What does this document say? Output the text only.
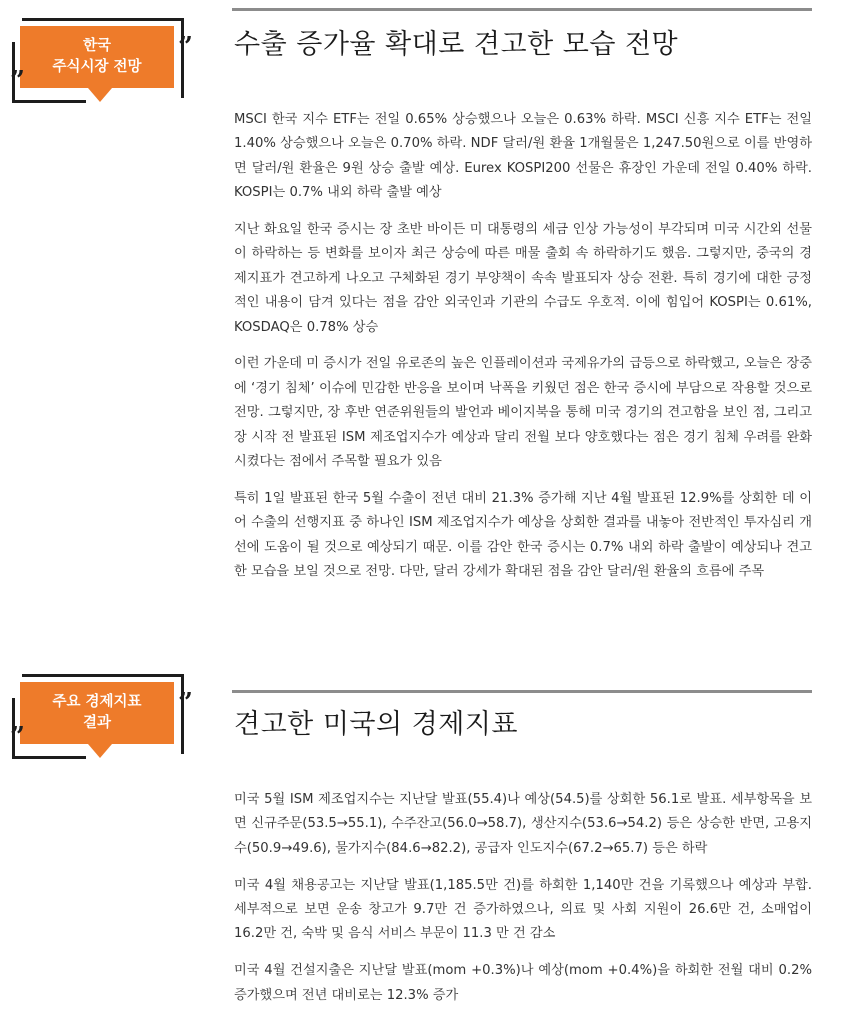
한국
주식시장 전망
”
”
수출 증가율 확대로 견고한 모습 전망

MSCI 한국 지수 ETF는 전일 0.65% 상승했으나 오늘은 0.63% 하락. MSCI 신흥 지수 ETF는 전일 1.40% 상승했으나 오늘은 0.70% 하락. NDF 달러/원 환율 1개월물은 1,247.50원으로 이를 반영하면 달러/원 환율은 9원 상승 출발 예상. Eurex KOSPI200 선물은 휴장인 가운데 전일 0.40% 하락. KOSPI는 0.7% 내외 하락 출발 예상

지난 화요일 한국 증시는 장 초반 바이든 미 대통령의 세금 인상 가능성이 부각되며 미국 시간외 선물이 하락하는 등 변화를 보이자 최근 상승에 따른 매물 출회 속 하락하기도 했음. 그렇지만, 중국의 경제지표가 견고하게 나오고 구체화된 경기 부양책이 속속 발표되자 상승 전환. 특히 경기에 대한 긍정적인 내용이 담겨 있다는 점을 감안 외국인과 기관의 수급도 우호적. 이에 힘입어 KOSPI는 0.61%, KOSDAQ은 0.78% 상승

이런 가운데 미 증시가 전일 유로존의 높은 인플레이션과 국제유가의 급등으로 하락했고, 오늘은 장중에 ‘경기 침체’ 이슈에 민감한 반응을 보이며 낙폭을 키웠던 점은 한국 증시에 부담으로 작용할 것으로 전망. 그렇지만, 장 후반 연준위원들의 발언과 베이지북을 통해 미국 경기의 견고함을 보인 점, 그리고 장 시작 전 발표된 ISM 제조업지수가 예상과 달리 전월 보다 양호했다는 점은 경기 침체 우려를 완화시켰다는 점에서 주목할 필요가 있음

특히 1일 발표된 한국 5월 수출이 전년 대비 21.3% 증가해 지난 4월 발표된 12.9%를 상회한 데 이어 수출의 선행지표 중 하나인 ISM 제조업지수가 예상을 상회한 결과를 내놓아 전반적인 투자심리 개선에 도움이 될 것으로 예상되기 때문. 이를 감안 한국 증시는 0.7% 내외 하락 출발이 예상되나 견고한 모습을 보일 것으로 전망. 다만, 달러 강세가 확대된 점을 감안 달러/원 환율의 흐름에 주목

주요 경제지표
결과
”
”	견고한 미국의 경제지표

미국 5월 ISM 제조업지수는 지난달 발표(55.4)나 예상(54.5)를 상회한 56.1로 발표. 세부항목을 보면 신규주문(53.5→55.1), 수주잔고(56.0→58.7), 생산지수(53.6→54.2) 등은 상승한 반면, 고용지수(50.9→49.6), 물가지수(84.6→82.2), 공급자 인도지수(67.2→65.7) 등은 하락

미국 4월 채용공고는 지난달 발표(1,185.5만 건)를 하회한 1,140만 건을 기록했으나 예상과 부합. 세부적으로 보면 운송 창고가 9.7만 건 증가하였으나, 의료 및 사회 지원이 26.6만 건, 소매업이 16.2만 건, 숙박 및 음식 서비스 부문이 11.3 만 건 감소

미국 4월 건설지출은 지난달 발표(mom +0.3%)나 예상(mom +0.4%)을 하회한 전월 대비 0.2% 증가했으며 전년 대비로는 12.3% 증가
